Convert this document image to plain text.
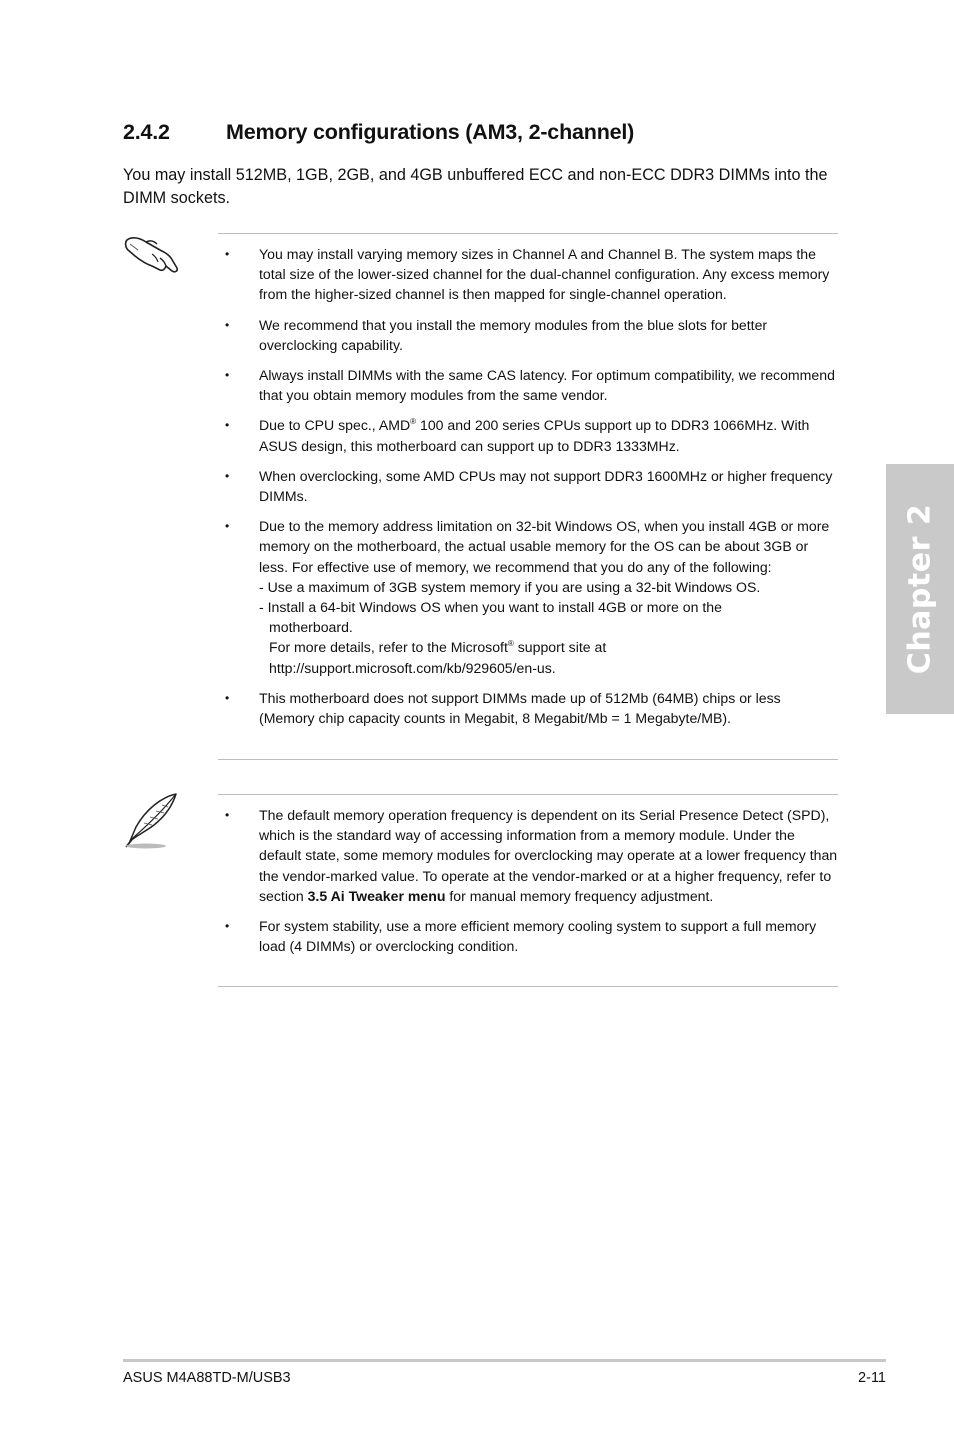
2.4.2	Memory configurations (AM3, 2-channel)
You may install 512MB, 1GB, 2GB, and 4GB unbuffered ECC and non-ECC DDR3 DIMMs into the DIMM sockets.
• You may install varying memory sizes in Channel A and Channel B. The system maps the total size of the lower-sized channel for the dual-channel configuration. Any excess memory from the higher-sized channel is then mapped for single-channel operation.
• We recommend that you install the memory modules from the blue slots for better overclocking capability.
• Always install DIMMs with the same CAS latency. For optimum compatibility, we recommend that you obtain memory modules from the same vendor.
• Due to CPU spec., AMD® 100 and 200 series CPUs support up to DDR3 1066MHz. With ASUS design, this motherboard can support up to DDR3 1333MHz.
• When overclocking, some AMD CPUs may not support DDR3 1600MHz or higher frequency DIMMs.
• Due to the memory address limitation on 32-bit Windows OS, when you install 4GB or more memory on the motherboard, the actual usable memory for the OS can be about 3GB or less. For effective use of memory, we recommend that you do any of the following:
- Use a maximum of 3GB system memory if you are using a 32-bit Windows OS.
- Install a 64-bit Windows OS when you want to install 4GB or more on the
motherboard.
For more details, refer to the Microsoft® support site at
http://support.microsoft.com/kb/929605/en-us.
• This motherboard does not support DIMMs made up of 512Mb (64MB) chips or less (Memory chip capacity counts in Megabit, 8 Megabit/Mb = 1 Megabyte/MB).
• The default memory operation frequency is dependent on its Serial Presence Detect (SPD), which is the standard way of accessing information from a memory module. Under the default state, some memory modules for overclocking may operate at a lower frequency than the vendor-marked value. To operate at the vendor-marked or at a higher frequency, refer to section 3.5 Ai Tweaker menu for manual memory frequency adjustment.
• For system stability, use a more efficient memory cooling system to support a full memory load (4 DIMMs) or overclocking condition.
Chapter 2
ASUS M4A88TD-M/USB3	2-11
